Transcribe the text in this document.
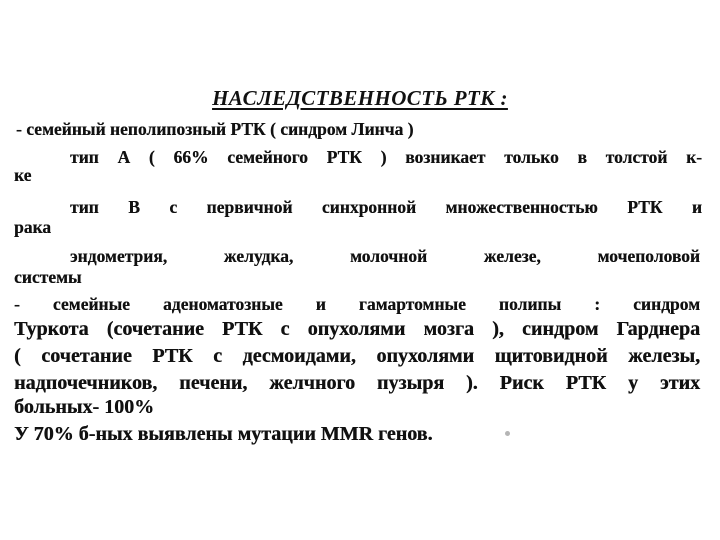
НАСЛЕДСТВЕННОСТЬ РТК :
- семейный неполипозный РТК ( синдром Линча )
тип А ( 66% семейного РТК ) возникает только в толстой к-
ке
тип В с первичной синхронной множественностью РТК и
рака
эндометрия, желудка, молочной железе, мочеполовой
системы
- семейные аденоматозные и гамартомные полипы : синдром
Туркота (сочетание РТК с опухолями мозга ), синдром Гарднера
( сочетание РТК с десмоидами, опухолями щитовидной железы,
надпочечников, печени, желчного пузыря ). Риск РТК у этих
больных- 100%
У 70% б-ных выявлены мутации MMR генов.
